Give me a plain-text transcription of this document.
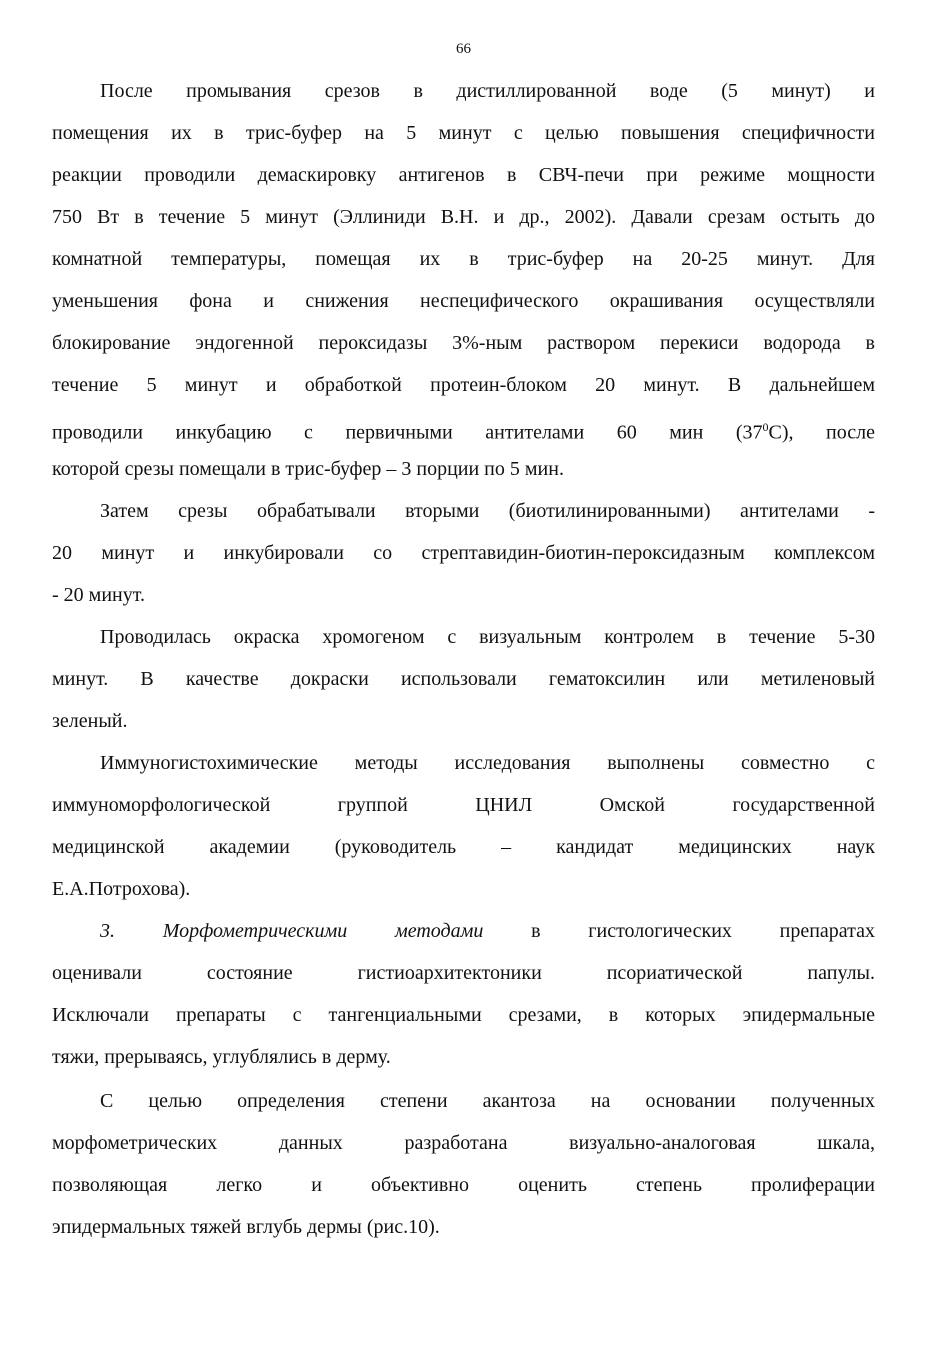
66
После промывания срезов в дистиллированной воде (5 минут) и
помещения их в трис-буфер на 5 минут с целью повышения специфичности
реакции проводили демаскировку антигенов в СВЧ-печи при режиме мощности
750 Вт в течение 5 минут (Эллиниди В.Н. и др., 2002). Давали срезам остыть до
комнатной температуры, помещая их в трис-буфер на 20-25 минут. Для
уменьшения фона и снижения неспецифического окрашивания осуществляли
блокирование эндогенной пероксидазы 3%-ным раствором перекиси водорода в
течение 5 минут и обработкой протеин-блоком 20 минут. В дальнейшем
проводили инкубацию с первичными антителами 60 мин $(37^0С)$, после
которой срезы помещали в трис-буфер – 3 порции по 5 мин.
Затем срезы обрабатывали вторыми (биотилинированными) антителами -
20 минут и инкубировали со стрептавидин-биотин-пероксидазным комплексом
- 20 минут.
Проводилась окраска хромогеном с визуальным контролем в течение 5-30
минут. В качестве докраски использовали гематоксилин или метиленовый
зеленый.
Иммуногистохимические методы исследования выполнены совместно с
иммуноморфологической группой ЦНИЛ Омской государственной
медицинской академии (руководитель – кандидат медицинских наук
Е.А.Потрохова).
3. Морфометрическими методами в гистологических препаратах
оценивали состояние гистиоархитектоники псориатической папулы.
Исключали препараты с тангенциальными срезами, в которых эпидермальные
тяжи, прерываясь, углублялись в дерму.
С целью определения степени акантоза на основании полученных
морфометрических данных разработана визуально-аналоговая шкала,
позволяющая легко и объективно оценить степень пролиферации
эпидермальных тяжей вглубь дермы (рис.10).
